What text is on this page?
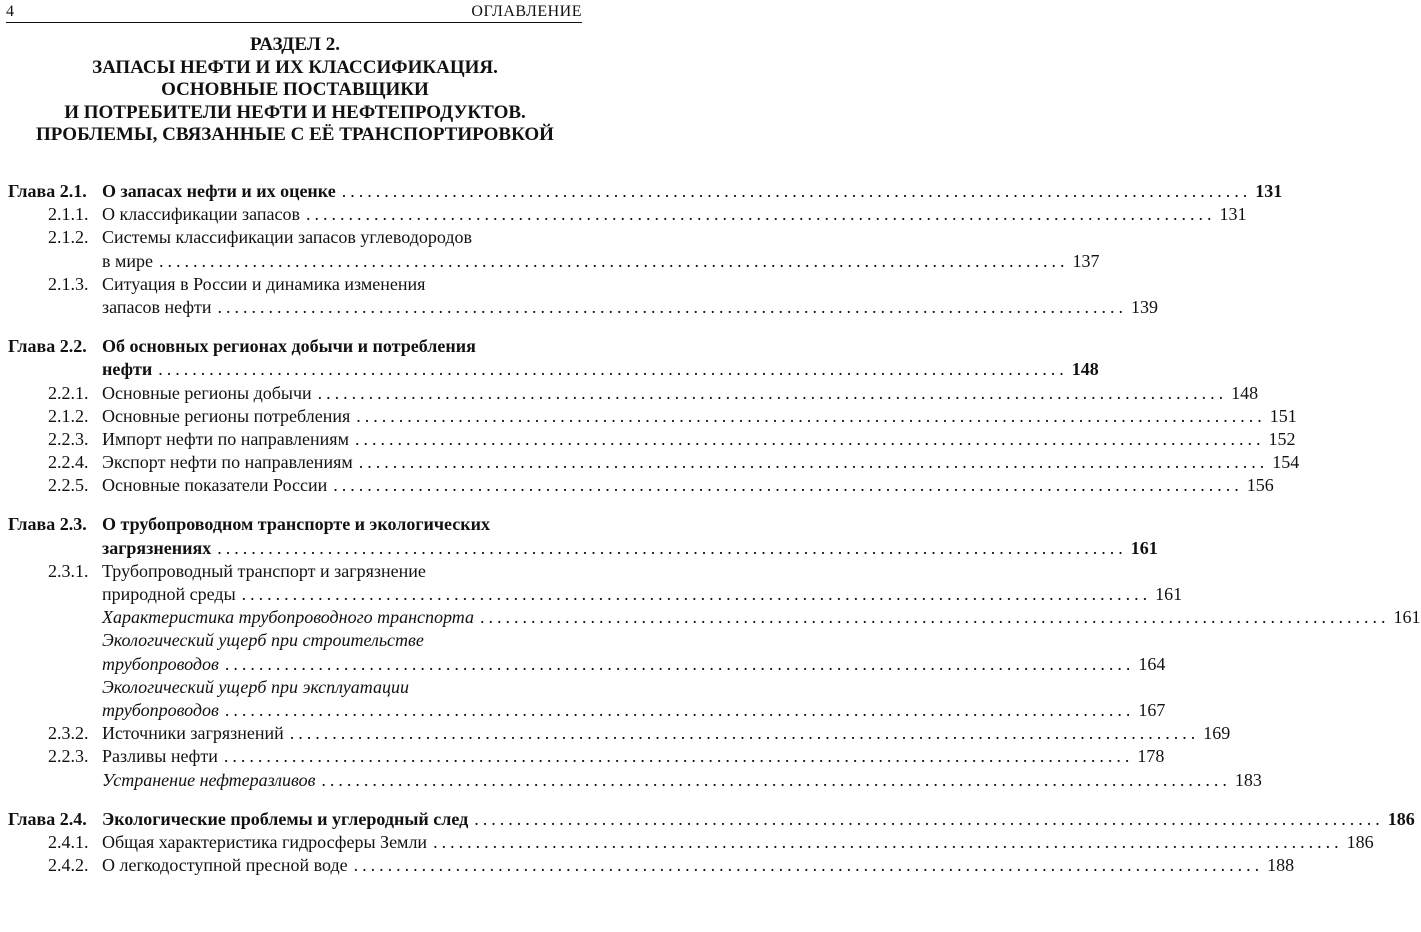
4	ОГЛАВЛЕНИЕ
РАЗДЕЛ 2.
ЗАПАСЫ НЕФТИ И ИХ КЛАССИФИКАЦИЯ.
ОСНОВНЫЕ ПОСТАВЩИКИ
И ПОТРЕБИТЕЛИ НЕФТИ И НЕФТЕПРОДУКТОВ.
ПРОБЛЕМЫ, СВЯЗАННЫЕ С ЕЁ ТРАНСПОРТИРОВКОЙ
Глава 2.1. О запасах нефти и их оценке ........................................................................................................... 131
2.1.1. О классификации запасов ........................................................................................................... 131
2.1.2. Системы классификации запасов углеводородов
в мире ........................................................................................................... 137
2.1.3. Ситуация в России и динамика изменения
запасов нефти ........................................................................................................... 139
Глава 2.2. Об основных регионах добычи и потребления
нефти ........................................................................................................... 148
2.2.1. Основные регионы добычи ........................................................................................................... 148
2.1.2. Основные регионы потребления ........................................................................................................... 151
2.2.3. Импорт нефти по направлениям ........................................................................................................... 152
2.2.4. Экспорт нефти по направлениям ........................................................................................................... 154
2.2.5. Основные показатели России ........................................................................................................... 156
Глава 2.3. О трубопроводном транспорте и экологических
загрязнениях ........................................................................................................... 161
2.3.1. Трубопроводный транспорт и загрязнение
природной среды ........................................................................................................... 161
Характеристика трубопроводного транспорта ........................................................................................................... 161
Экологический ущерб при строительстве
трубопроводов ........................................................................................................... 164
Экологический ущерб при эксплуатации
трубопроводов ........................................................................................................... 167
2.3.2. Источники загрязнений ........................................................................................................... 169
2.2.3. Разливы нефти ........................................................................................................... 178
Устранение нефтеразливов ........................................................................................................... 183
Глава 2.4. Экологические проблемы и углеродный след ........................................................................................................... 186
2.4.1. Общая характеристика гидросферы Земли ........................................................................................................... 186
2.4.2. О легкодоступной пресной воде ........................................................................................................... 188
